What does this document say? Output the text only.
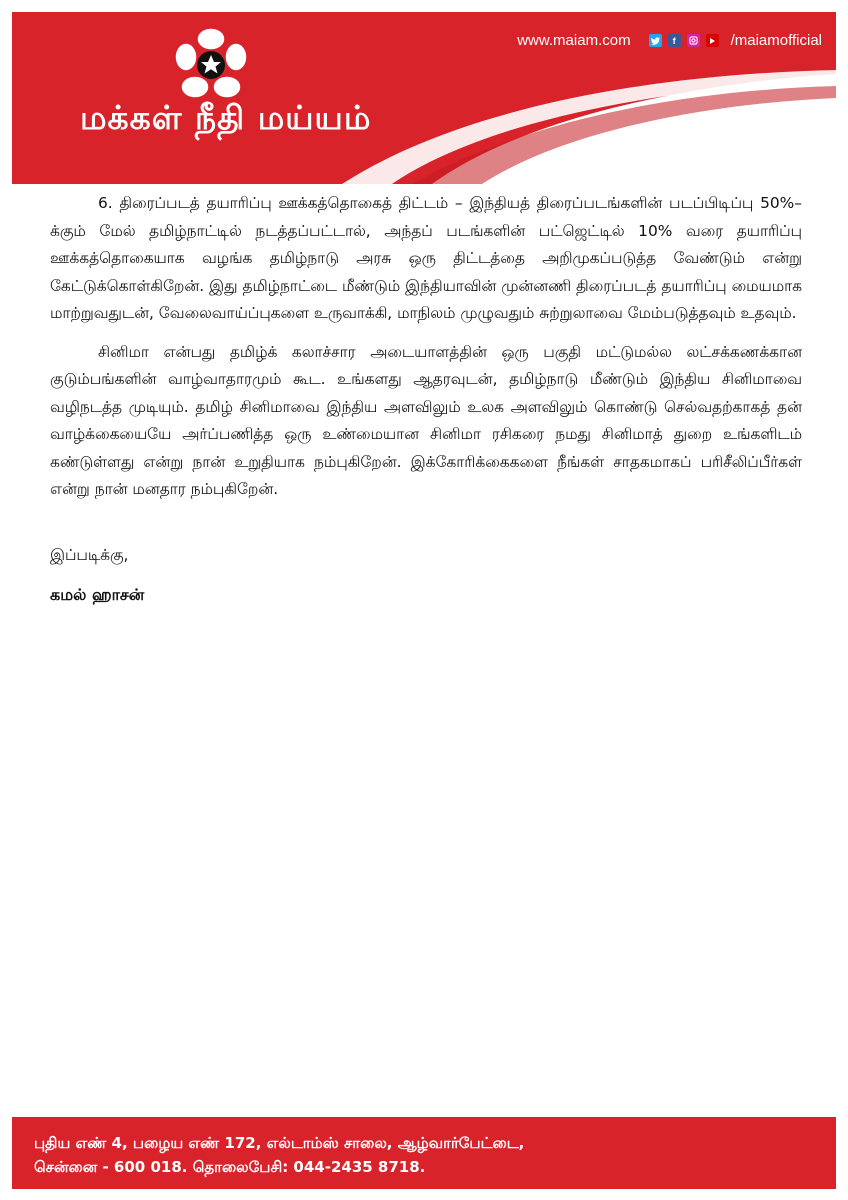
மக்கள் நீதி மய்யம்
www.maiam.com	f	/maiamofficial

6. திரைப்படத் தயாரிப்பு ஊக்கத்தொகைத் திட்டம் – இந்தியத் திரைப்படங்களின் படப்பிடிப்பு 50%–க்கும் மேல் தமிழ்நாட்டில் நடத்தப்பட்டால், அந்தப் படங்களின் பட்ஜெட்டில் 10% வரை தயாரிப்பு ஊக்கத்தொகையாக வழங்க தமிழ்நாடு அரசு ஒரு திட்டத்தை அறிமுகப்படுத்த வேண்டும் என்று கேட்டுக்கொள்கிறேன். இது தமிழ்நாட்டை மீண்டும் இந்தியாவின் முன்னணி திரைப்படத் தயாரிப்பு மையமாக மாற்றுவதுடன், வேலைவாய்ப்புகளை உருவாக்கி, மாநிலம் முழுவதும் சுற்றுலாவை மேம்படுத்தவும் உதவும்.

சினிமா என்பது தமிழ்க் கலாச்சார அடையாளத்தின் ஒரு பகுதி மட்டுமல்ல லட்சக்கணக்கான குடும்பங்களின் வாழ்வாதாரமும் கூட. உங்களது ஆதரவுடன், தமிழ்நாடு மீண்டும் இந்திய சினிமாவை வழிநடத்த முடியும். தமிழ் சினிமாவை இந்திய அளவிலும் உலக அளவிலும் கொண்டு செல்வதற்காகத் தன் வாழ்க்கையையே அர்ப்பணித்த ஒரு உண்மையான சினிமா ரசிகரை நமது சினிமாத் துறை உங்களிடம் கண்டுள்ளது என்று நான் உறுதியாக நம்புகிறேன். இக்கோரிக்கைகளை நீங்கள் சாதகமாகப் பரிசீலிப்பீர்கள் என்று நான் மனதார நம்புகிறேன்.

இப்படிக்கு,
கமல் ஹாசன்
புதிய எண் 4, பழைய எண் 172, எல்டாம்ஸ் சாலை, ஆழ்வார்பேட்டை,
சென்னை - 600 018. தொலைபேசி: 044-2435 8718.
